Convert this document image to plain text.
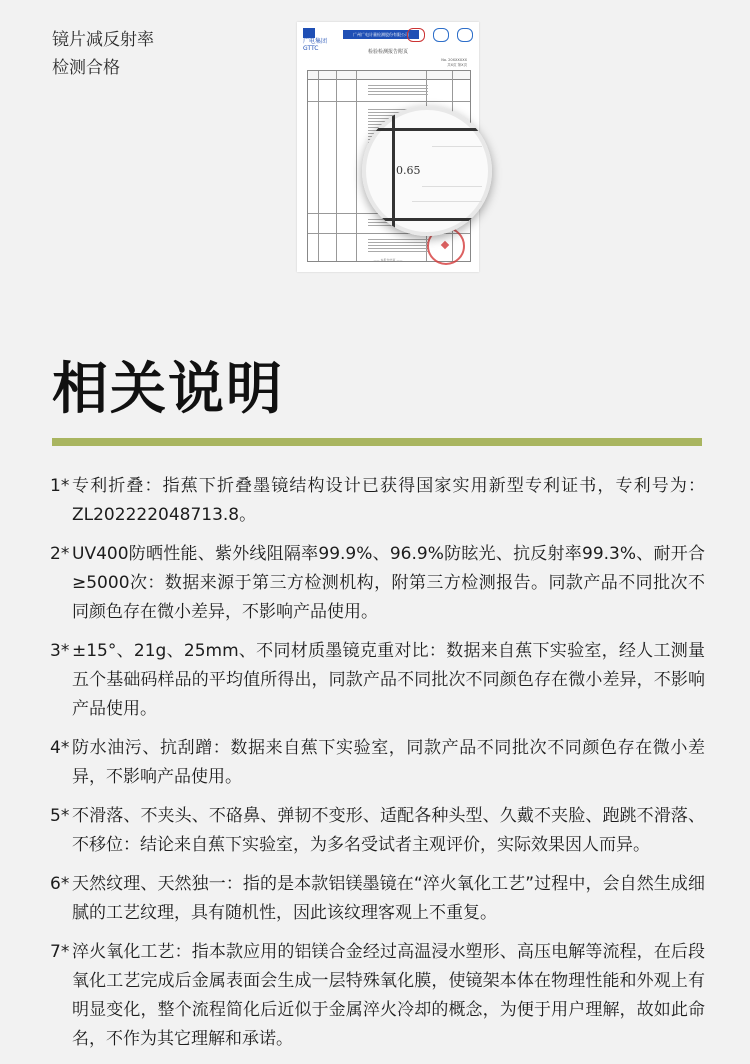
镜片减反射率
检测合格
广电集团
GTTC
广州广电计量检测股份有限公司

检验检测报告附页
No. 20XXXXXX
共X页 第X页
—— 本报告结束 ——
0.65
相关说明
1* 专利折叠：指蕉下折叠墨镜结构设计已获得国家实用新型专利证书，专利号为：ZL202222048713.8。
2* UV400防晒性能、紫外线阻隔率99.9%、96.9%防眩光、抗反射率99.3%、耐开合≥5000次：数据来源于第三方检测机构，附第三方检测报告。同款产品不同批次不同颜色存在微小差异，不影响产品使用。
3* ±15°、21g、25mm、不同材质墨镜克重对比：数据来自蕉下实验室，经人工测量五个基础码样品的平均值所得出，同款产品不同批次不同颜色存在微小差异，不影响产品使用。
4* 防水油污、抗刮蹭：数据来自蕉下实验室，同款产品不同批次不同颜色存在微小差异，不影响产品使用。
5* 不滑落、不夹头、不硌鼻、弹韧不变形、适配各种头型、久戴不夹脸、跑跳不滑落、不移位：结论来自蕉下实验室，为多名受试者主观评价，实际效果因人而异。
6* 天然纹理、天然独一：指的是本款铝镁墨镜在“淬火氧化工艺”过程中，会自然生成细腻的工艺纹理，具有随机性，因此该纹理客观上不重复。
7* 淬火氧化工艺：指本款应用的铝镁合金经过高温浸水塑形、高压电解等流程，在后段氧化工艺完成后金属表面会生成一层特殊氧化膜，使镜架本体在物理性能和外观上有明显变化，整个流程简化后近似于金属淬火冷却的概念，为便于用户理解，故如此命名，不作为其它理解和承诺。
